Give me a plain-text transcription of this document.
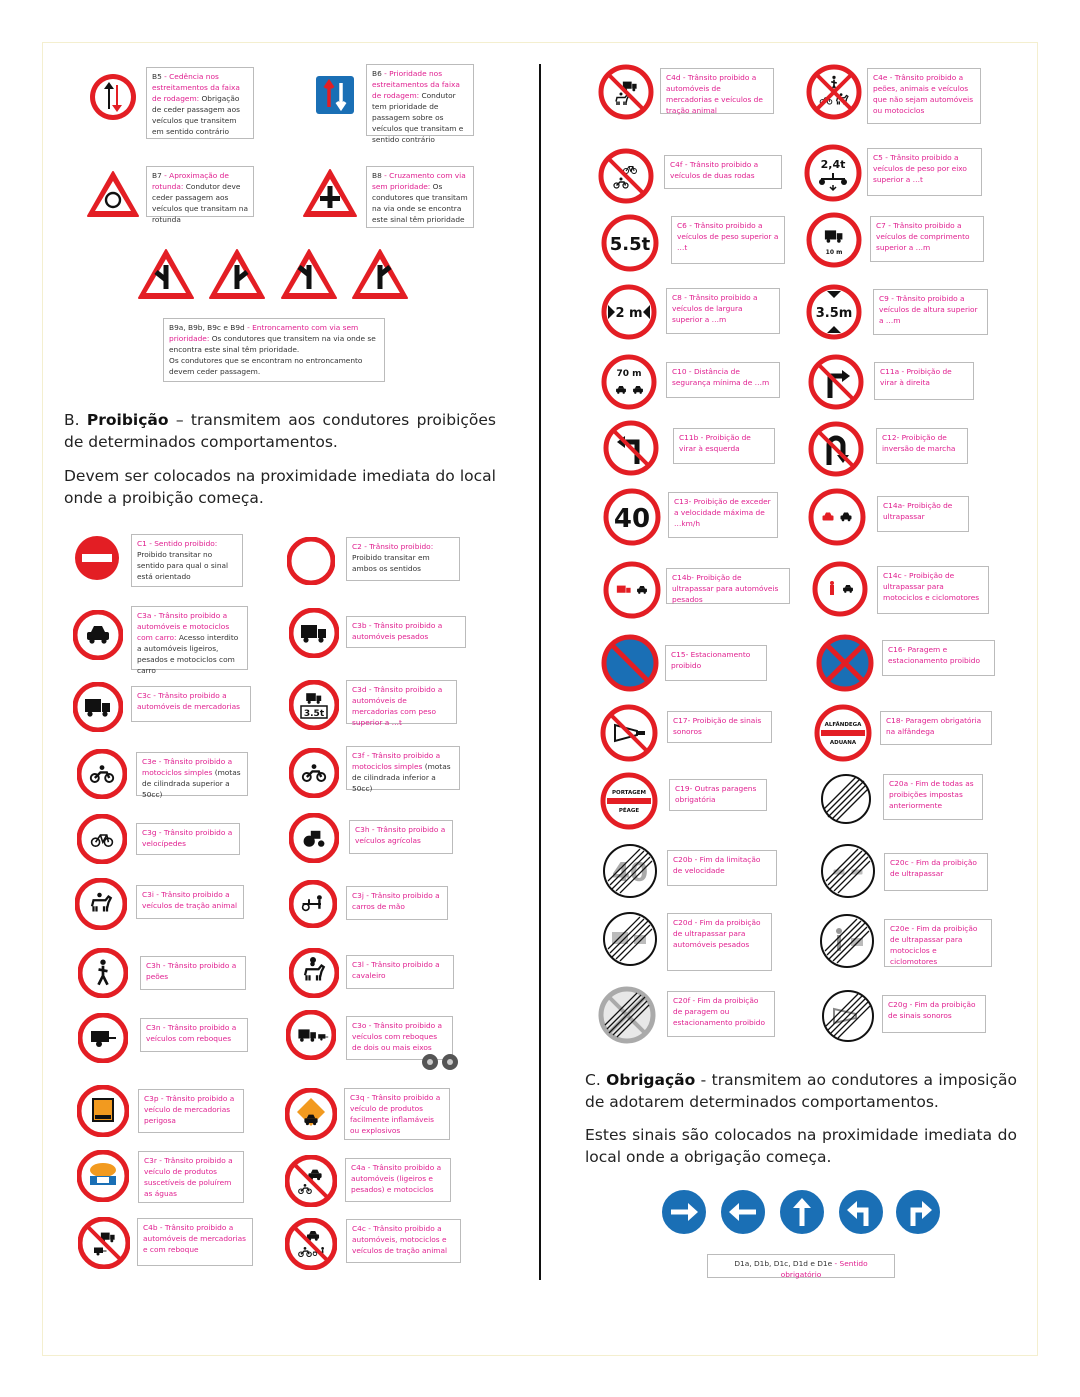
B5 - Cedência nos estreitamentos da faixa de rodagem: Obrigação de ceder passagem aos veículos que transitem em sentido contrário
B6 - Prioridade nos estreitamentos da faixa de rodagem: Condutor tem prioridade de passagem sobre os veículos que transitam e sentido contrário
B7 - Aproximação de rotunda: Condutor deve ceder passagem aos veículos que transitam na rotunda
B8 - Cruzamento com via sem prioridade: Os condutores que transitam na via onde se encontra este sinal têm prioridade
B9a, B9b, B9c e B9d - Entroncamento com via sem prioridade: Os condutores que transitem na via onde se encontra este sinal têm prioridade.
Os condutores que se encontram no entroncamento devem ceder passagem.
B. Proibição – transmitem aos condutores proibições de determinados comportamentos.
Devem ser colocados na proximidade imediata do local onde a proibição começa.
C1 - Sentido proibido: Proibido transitar no sentido para qual o sinal está orientado
C2 - Trânsito proibido: Proibido transitar em ambos os sentidos
C3a - Trânsito proibido a automóveis e motociclos com carro: Acesso interdito a automóveis ligeiros, pesados e motociclos com carro
C3b - Trânsito proibido a automóveis pesados
C3c - Trânsito proibido a automóveis de mercadorias
3.5t
C3d - Trânsito proibido a automóveis de mercadorias com peso superior a …t
C3e - Trânsito proibido a motociclos simples (motas de cilindrada superior a 50cc)
C3f - Trânsito proibido a motociclos simples (motas de cilindrada inferior a 50cc)
C3g - Trânsito proibido a velocípedes
C3h - Trânsito proibido a veículos agrícolas
C3i - Trânsito proibido a veículos de tração animal
C3j - Trânsito proibido a carros de mão
C3h - Trânsito proibido a peões
C3l - Trânsito proibido a cavaleiro
C3n - Trânsito proibido a veículos com reboques
C3o - Trânsito proibido a veículos com reboques de dois ou mais eixos
C3p - Trânsito proibido a veículo de mercadorias perigosa
C3q - Trânsito proibido a veículo de produtos facilmente inflamáveis ou explosivos
C3r - Trânsito proibido a veículo de produtos suscetíveis de poluírem as águas
C4a - Trânsito proibido a automóveis (ligeiros e pesados) e motociclos
C4b - Trânsito proibido a automóveis de mercadorias e com reboque
C4c - Trânsito proibido a automóveis, motociclos e veículos de tração animal
C4d - Trânsito proibido a automóveis de mercadorias e veículos de tração animal
C4e - Trânsito proibido a peões, animais e veículos que não sejam automóveis ou motociclos
C4f - Trânsito proibido a veículos de duas rodas
2,4t
C5 - Trânsito proibido a veículos de peso por eixo superior a …t
5.5t
C6 - Trânsito proibido a veículos de peso superior a …t
10 m
C7 - Trânsito proibido a veículos de comprimento superior a …m
2 m
C8 - Trânsito proibido a veículos de largura superior a …m	3.5m
C9 - Trânsito proibido a veículos de altura superior a …m
70 m	C10 - Distância de segurança mínima de …m
C11a - Proibição de virar à direita
C11b - Proibição de virar à esquerda
C12- Proibição de inversão de marcha
40
C13- Proibição de exceder a velocidade máxima de …km/h
C14a- Proibição de ultrapassar
C14b- Proibição de ultrapassar para automóveis pesados
C14c - Proibição de ultrapassar para motociclos e ciclomotores
C15- Estacionamento proibido
C16- Paragem e estacionamento proibido
C17- Proibição de sinais sonoros
ALFÂNDEGA
ADUANA
C18- Paragem obrigatória na alfândega
PORTAGEM
PÉAGE
C19- Outras paragens obrigatória
C20a - Fim de todas as proibições impostas anteriormente
40	C20b - Fim da limitação de velocidade
C20c - Fim da proibição de ultrapassar
C20d - Fim da proibição de ultrapassar para automóveis pesados
C20e - Fim da proibição de ultrapassar para motociclos e ciclomotores
C20f - Fim da proibição de paragem ou estacionamento proibido
C20g - Fim da proibição de sinais sonoros
C. Obrigação - transmitem ao condutores a imposição de adotarem determinados comportamentos.
Estes sinais são colocados na proximidade imediata do local onde a obrigação começa.
D1a, D1b, D1c, D1d e D1e - Sentido obrigatório
